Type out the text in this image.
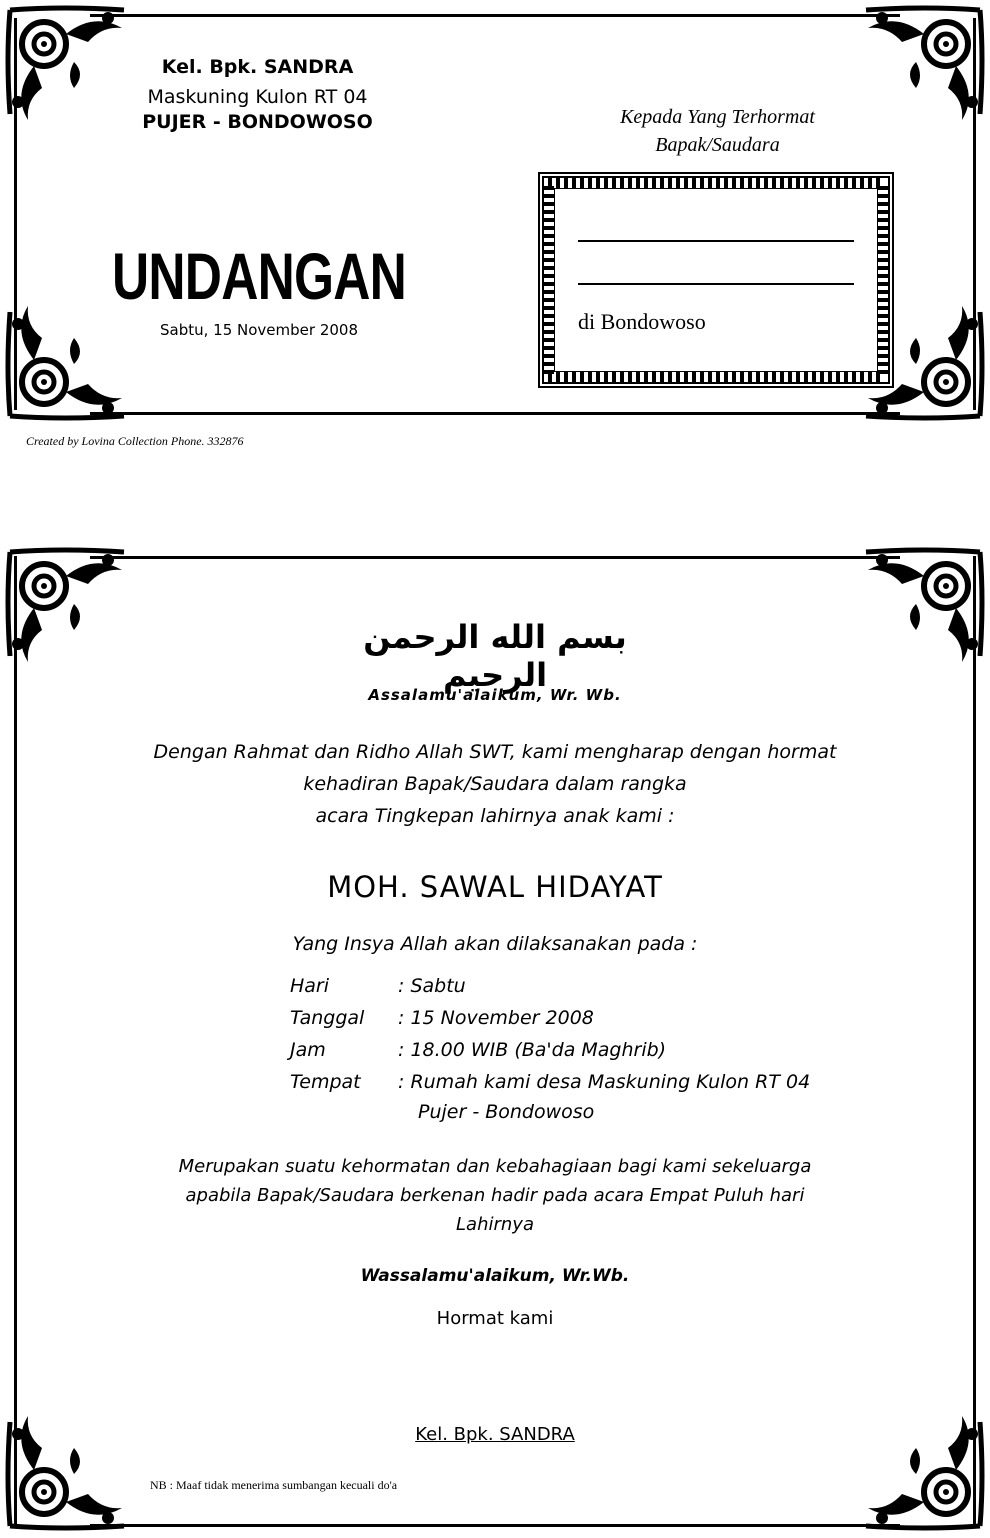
Kel. Bpk. SANDRA
Maskuning Kulon RT 04
PUJER - BONDOWOSO
UNDANGAN
Sabtu, 15 November 2008
Kepada Yang Terhormat
Bapak/Saudara
di Bondowoso
Created by Lovina Collection Phone. 332876
بسم الله الرحمن الرحيم
Assalamu'alaikum, Wr. Wb.
Dengan Rahmat dan Ridho Allah SWT, kami mengharap dengan hormat
kehadiran Bapak/Saudara dalam rangka
acara Tingkepan lahirnya anak kami :
MOH. SAWAL HIDAYAT
Yang Insya Allah akan dilaksanakan pada :
Hari	: Sabtu
Tanggal : 15 November 2008
Jam	: 18.00 WIB (Ba'da Maghrib)
Tempat : Rumah kami desa Maskuning Kulon RT 04
Pujer - Bondowoso
Merupakan suatu kehormatan dan kebahagiaan bagi kami sekeluarga
apabila Bapak/Saudara berkenan hadir pada acara Empat Puluh hari
Lahirnya
Wassalamu'alaikum, Wr.Wb.
Hormat kami
Kel. Bpk. SANDRA
NB : Maaf tidak menerima sumbangan kecuali do'a
